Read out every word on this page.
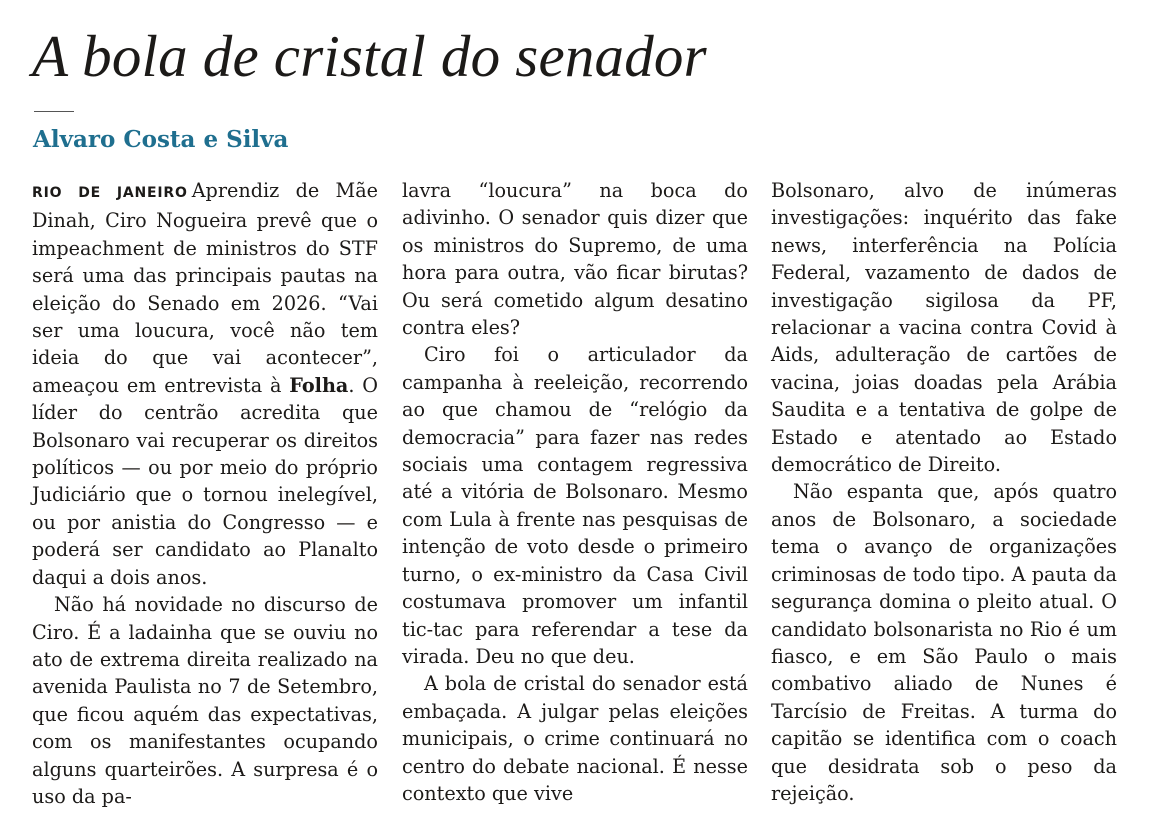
A bola de cristal do senador
Alvaro Costa e Silva

RIO DE JANEIRO Aprendiz de Mãe Dinah, Ciro Nogueira prevê que o impeachment de ministros do STF será uma das principais pautas na eleição do Senado em 2026. “Vai ser uma loucura, você não tem ideia do que vai acontecer”, ameaçou em entrevista à Folha. O líder do centrão acredita que Bolsonaro vai recuperar os direitos políticos — ou por meio do próprio Judiciário que o tornou inelegível, ou por anistia do Congresso — e poderá ser candidato ao Planalto daqui a dois anos.

Não há novidade no discurso de Ciro. É a ladainha que se ouviu no ato de extrema direita realizado na avenida Paulista no 7 de Setembro, que ficou aquém das expectativas, com os manifestantes ocupando alguns quarteirões. A surpresa é o uso da pa-

lavra “loucura” na boca do adivinho. O senador quis dizer que os ministros do Supremo, de uma hora para outra, vão ficar birutas? Ou será cometido algum desatino contra eles?

Ciro foi o articulador da campanha à reeleição, recorrendo ao que chamou de “relógio da democracia” para fazer nas redes sociais uma contagem regressiva até a vitória de Bolsonaro. Mesmo com Lula à frente nas pesquisas de intenção de voto desde o primeiro turno, o ex-ministro da Casa Civil costumava promover um infantil tic-tac para referendar a tese da virada. Deu no que deu.

A bola de cristal do senador está embaçada. A julgar pelas eleições municipais, o crime continuará no centro do debate nacional. É nesse contexto que vive

Bolsonaro, alvo de inúmeras investigações: inquérito das fake news, interferência na Polícia Federal, vazamento de dados de investigação sigilosa da PF, relacionar a vacina contra Covid à Aids, adulteração de cartões de vacina, joias doadas pela Arábia Saudita e a tentativa de golpe de Estado e atentado ao Estado democrático de Direito.

Não espanta que, após quatro anos de Bolsonaro, a sociedade tema o avanço de organizações criminosas de todo tipo. A pauta da segurança domina o pleito atual. O candidato bolsonarista no Rio é um fiasco, e em São Paulo o mais combativo aliado de Nunes é Tarcísio de Freitas. A turma do capitão se identifica com o coach que desidrata sob o peso da rejeição.
